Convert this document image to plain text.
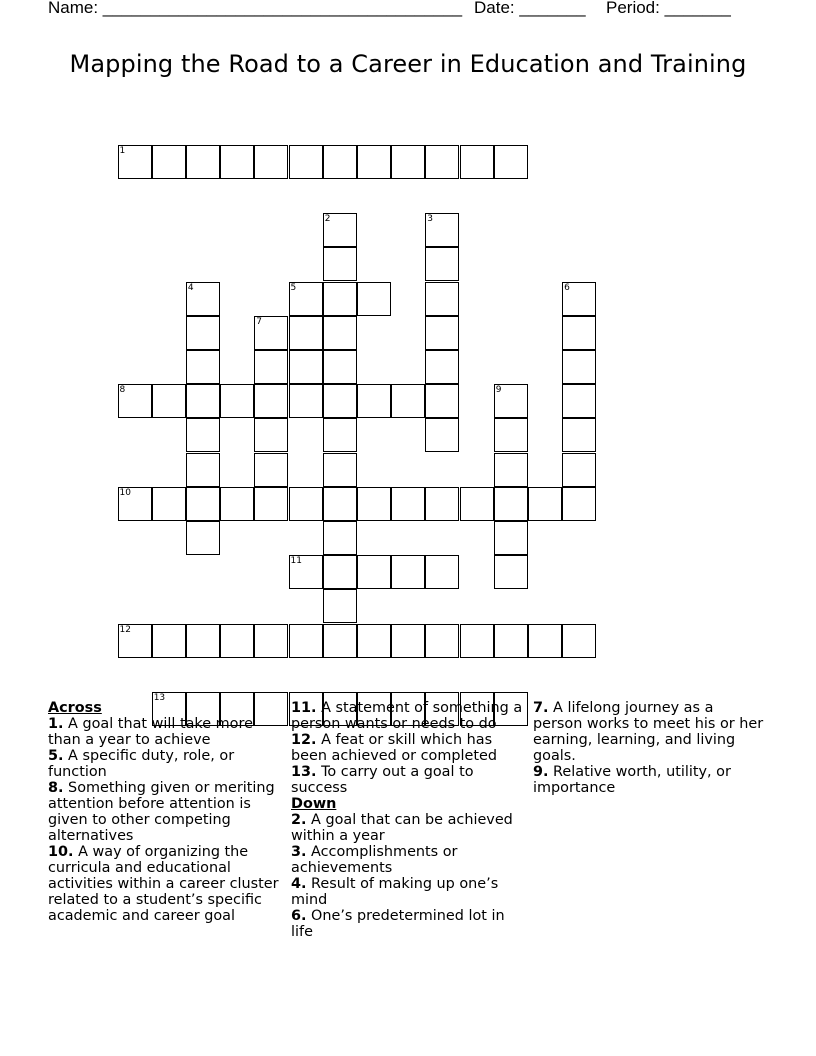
Name: ______________________________________ Date: _______ Period: _______
Mapping the Road to a Career in Education and Training
1
2	3
4	5	6
7
8	9
10
11
12
13
Across
1. A goal that will take more than a year to achieve
5. A specific duty, role, or function
8. Something given or meriting attention before attention is given to other competing alternatives
10. A way of organizing the curricula and educational activities within a career cluster related to a student’s specific academic and career goal
11. A statement of something a person wants or needs to do
12. A feat or skill which has been achieved or completed
13. To carry out a goal to success
Down
2. A goal that can be achieved within a year
3. Accomplishments or achievements
4. Result of making up one’s mind
6. One’s predetermined lot in life
7. A lifelong journey as a person works to meet his or her earning, learning, and living goals.
9. Relative worth, utility, or importance
